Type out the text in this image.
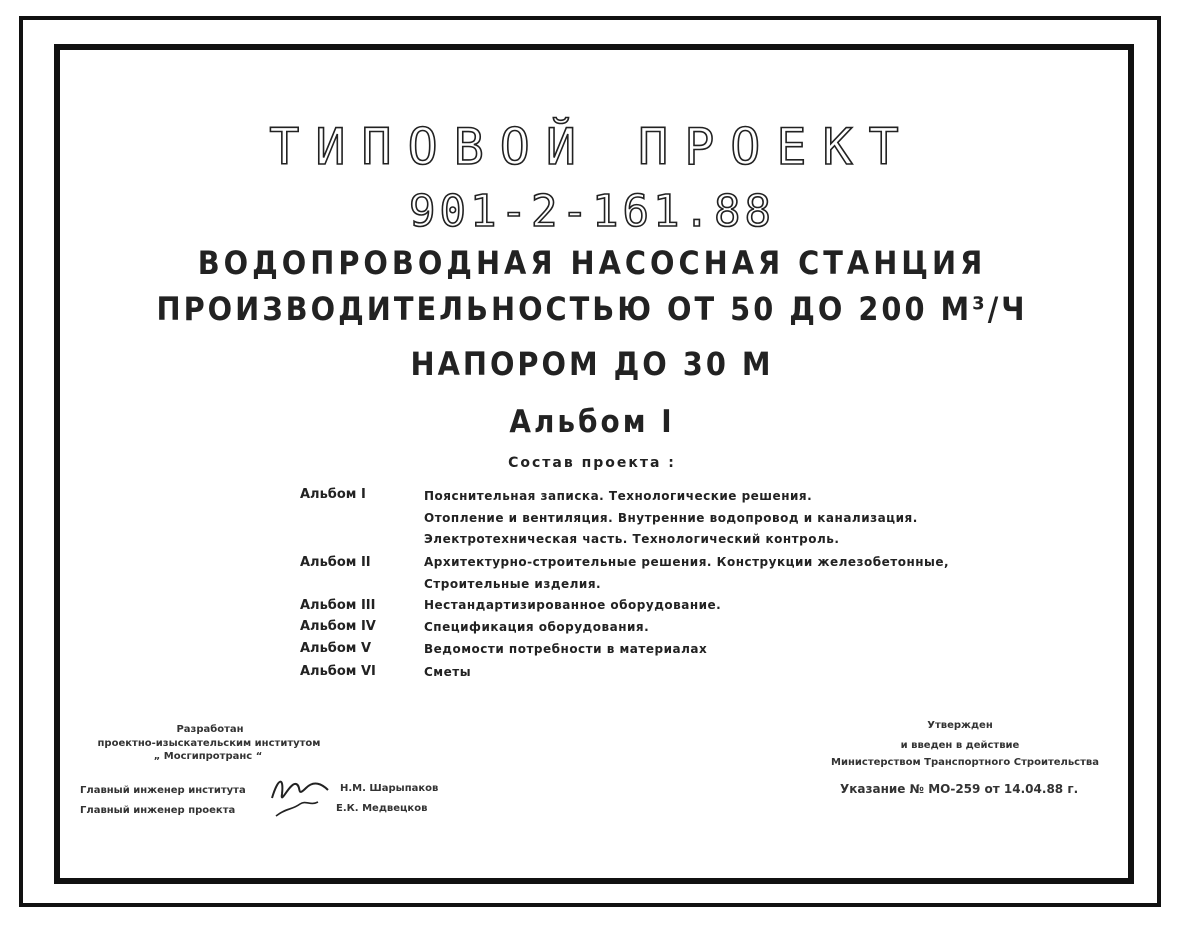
ТИПОВОЙ ПРОЕКТ
901-2-161.88
ВОДОПРОВОДНАЯ НАСОСНАЯ СТАНЦИЯ
ПРОИЗВОДИТЕЛЬНОСТЬЮ ОТ 50 ДО 200 М³/Ч
НАПОРОМ ДО 30 М
Альбом I
Состав проекта :
Альбом I	Пояснительная записка. Технологические решения.
Отопление и вентиляция. Внутренние водопровод и канализация.
Электротехническая часть. Технологический контроль.
Альбом II	Архитектурно-строительные решения. Конструкции железобетонные,
Строительные изделия.
Альбом III	Нестандартизированное оборудование.
Альбом IV	Спецификация оборудования.
Альбом V	Ведомости потребности в материалах
Альбом VI	Сметы
Разработан
проектно-изыскательским институтом
„ Мосгипротранс “
Главный инженер института	Н.М. Шарыпаков
Главный инженер проекта	Е.К. Медвецков
Утвержден
и введен в действие
Министерством Транспортного Строительства
Указание № МО-259 от 14.04.88 г.
